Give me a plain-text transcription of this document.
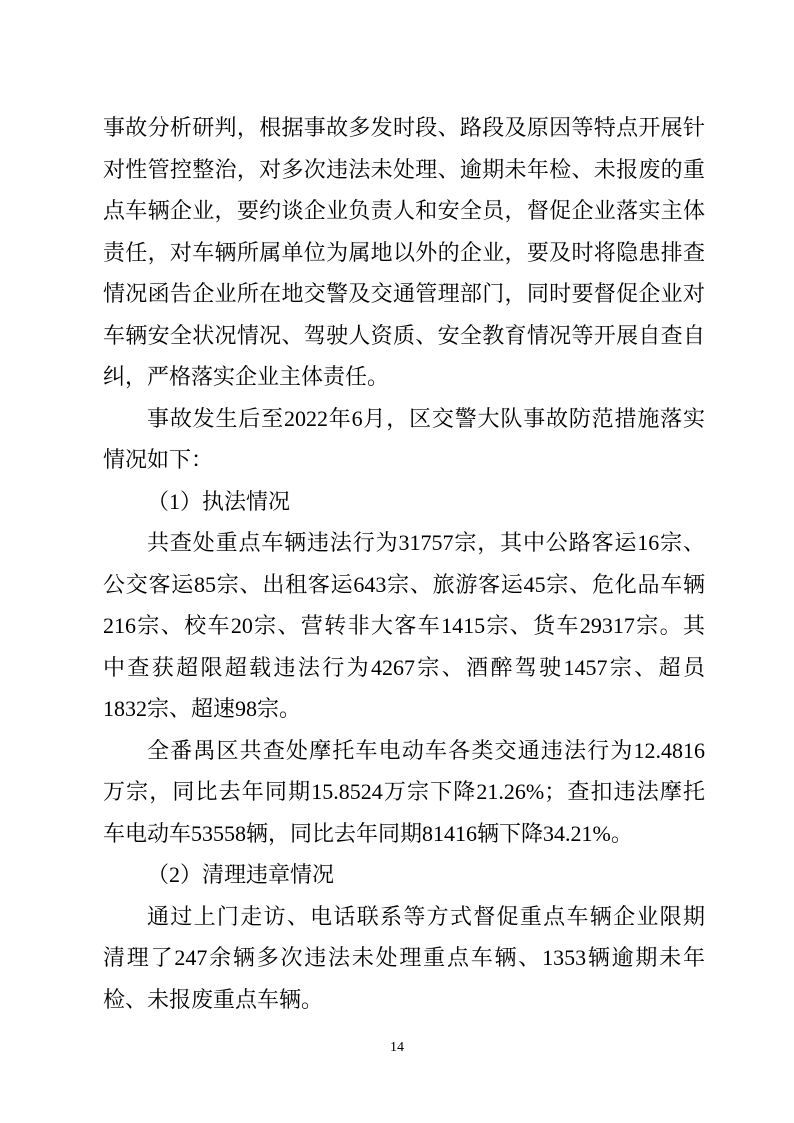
事故分析研判，根据事故多发时段、路段及原因等特点开展针
对性管控整治，对多次违法未处理、逾期未年检、未报废的重
点车辆企业，要约谈企业负责人和安全员，督促企业落实主体
责任，对车辆所属单位为属地以外的企业，要及时将隐患排查
情况函告企业所在地交警及交通管理部门，同时要督促企业对
车辆安全状况情况、驾驶人资质、安全教育情况等开展自查自
纠，严格落实企业主体责任。
事故发生后至2022年6月，区交警大队事故防范措施落实
情况如下：
（1）执法情况
共查处重点车辆违法行为31757宗，其中公路客运16宗、
公交客运85宗、出租客运643宗、旅游客运45宗、危化品车辆
216宗、校车20宗、营转非大客车1415宗、货车29317宗。其
中查获超限超载违法行为4267宗、酒醉驾驶1457宗、超员
1832宗、超速98宗。
全番禺区共查处摩托车电动车各类交通违法行为12.4816
万宗，同比去年同期15.8524万宗下降21.26%；查扣违法摩托
车电动车53558辆，同比去年同期81416辆下降34.21%。
（2）清理违章情况
通过上门走访、电话联系等方式督促重点车辆企业限期
清理了247余辆多次违法未处理重点车辆、1353辆逾期未年
检、未报废重点车辆。
14
